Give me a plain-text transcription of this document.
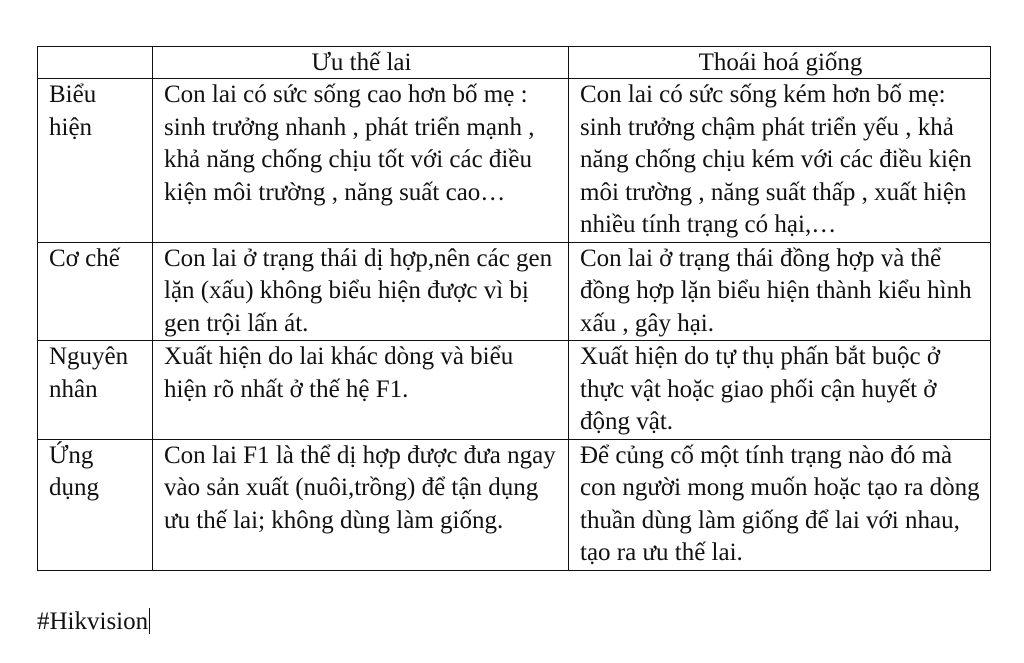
	Ưu thế lai	Thoái hoá giống

Biểu hiện	Con lai có sức sống cao hơn bố mẹ : sinh trưởng nhanh , phát triển mạnh , khả năng chống chịu tốt với các điều kiện môi trường , năng suất cao…	Con lai có sức sống kém hơn bố mẹ: sinh trưởng chậm phát triển yếu , khả năng chống chịu kém với các điều kiện môi trường , năng suất thấp , xuất hiện nhiều tính trạng có hại,…

Cơ chế	Con lai ở trạng thái dị hợp,nên các gen lặn (xấu) không biểu hiện được vì bị gen trội lấn át.	Con lai ở trạng thái đồng hợp và thể đồng hợp lặn biểu hiện thành kiểu hình xấu , gây hại.

Nguyên nhân	Xuất hiện do lai khác dòng và biểu hiện rõ nhất ở thế hệ F1.	Xuất hiện do tự thụ phấn bắt buộc ở thực vật hoặc giao phối cận huyết ở động vật.

Ứng dụng	Con lai F1 là thể dị hợp được đưa ngay vào sản xuất (nuôi,trồng) để tận dụng ưu thế lai; không dùng làm giống.	Để củng cố một tính trạng nào đó mà con người mong muốn hoặc tạo ra dòng thuần dùng làm giống để lai với nhau, tạo ra ưu thế lai.
#Hikvision
